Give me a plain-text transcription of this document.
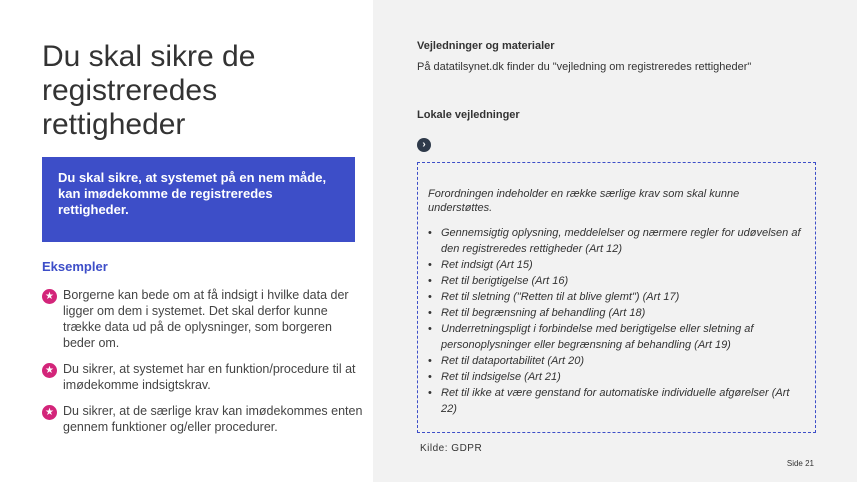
Du skal sikre de registreredes rettigheder
Du skal sikre, at systemet på en nem måde, kan imødekomme de registreredes rettigheder.
Eksempler
★ Borgerne kan bede om at få indsigt i hvilke data der ligger om dem i systemet. Det skal derfor kunne trække data ud på de oplysninger, som borgeren beder om.
★ Du sikrer, at systemet har en funktion/procedure til at imødekomme indsigtskrav.
★ Du sikrer, at de særlige krav kan imødekommes enten gennem funktioner og/eller procedurer.
Vejledninger og materialer
På datatilsynet.dk finder du "vejledning om registreredes rettigheder"
Lokale vejledninger
›
Forordningen indeholder en række særlige krav som skal kunne understøttes.
• Gennemsigtig oplysning, meddelelser og nærmere regler for udøvelsen af den registreredes rettigheder (Art 12)
• Ret indsigt (Art 15)
• Ret til berigtigelse (Art 16)
• Ret til sletning ("Retten til at blive glemt") (Art 17)
• Ret til begrænsning af behandling (Art 18)
• Underretningspligt i forbindelse med berigtigelse eller sletning af personoplysninger eller begrænsning af behandling (Art 19)
• Ret til dataportabilitet (Art 20)
• Ret til indsigelse (Art 21)
• Ret til ikke at være genstand for automatiske individuelle afgørelser (Art 22)
Kilde: GDPR
Side 21
